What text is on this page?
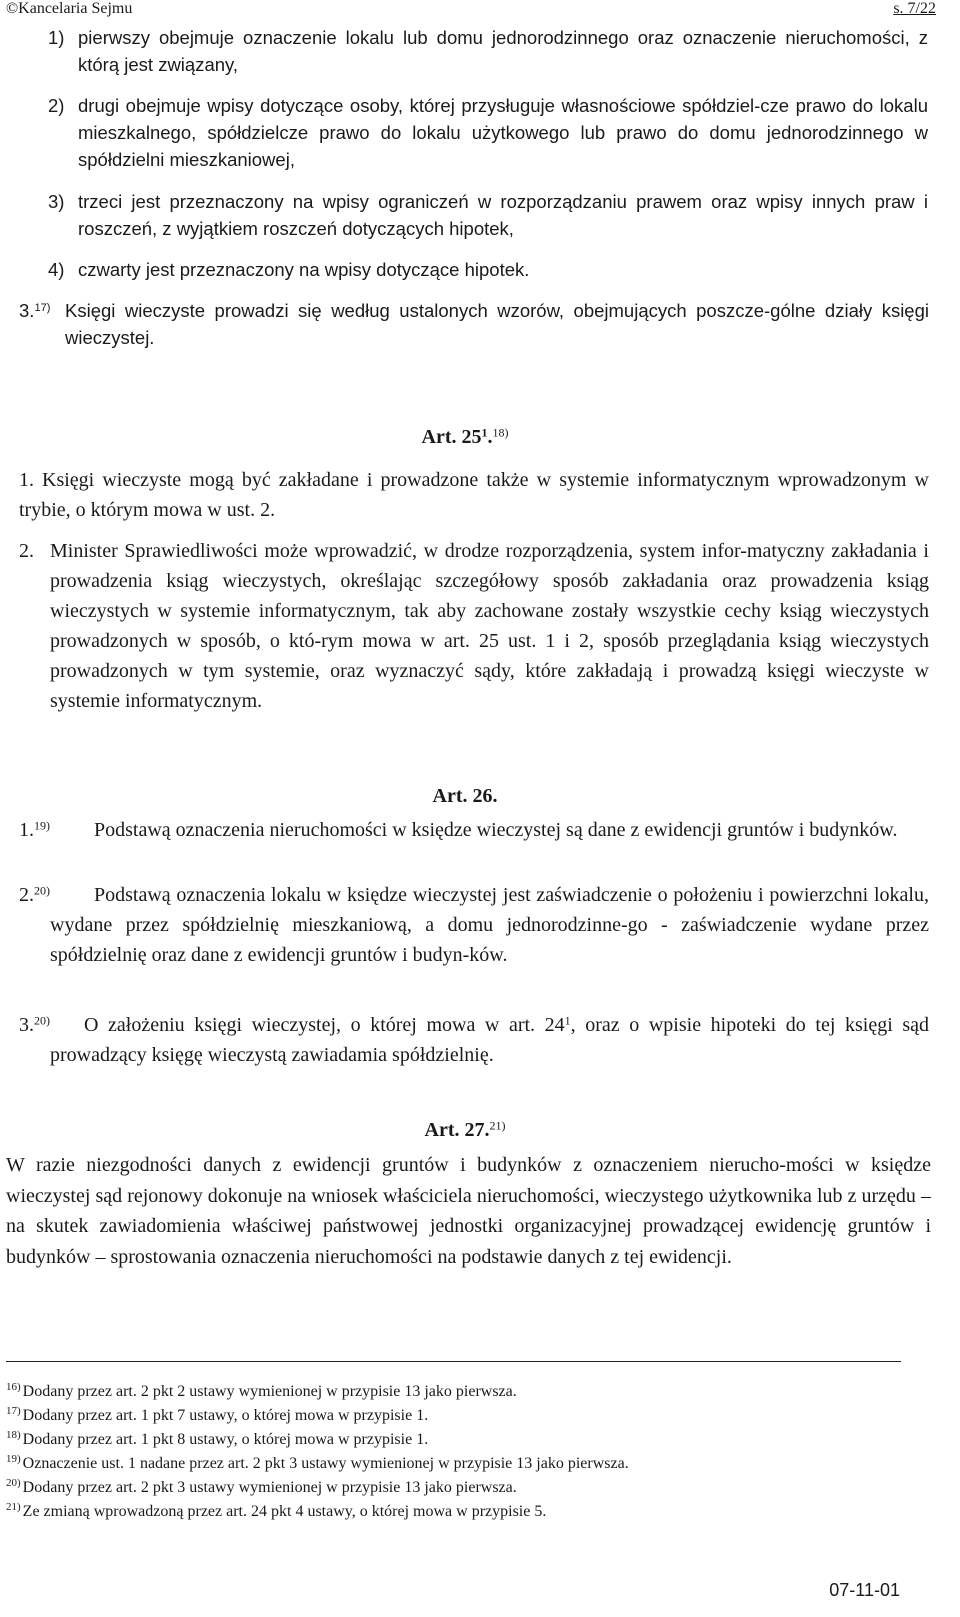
©Kancelaria Sejmu	s. 7/22
1) pierwszy obejmuje oznaczenie lokalu lub domu jednorodzinnego oraz oznaczenie nieruchomości, z którą jest związany,
2) drugi obejmuje wpisy dotyczące osoby, której przysługuje własnościowe spółdziel-cze prawo do lokalu mieszkalnego, spółdzielcze prawo do lokalu użytkowego lub prawo do domu jednorodzinnego w spółdzielni mieszkaniowej,
3) trzeci jest przeznaczony na wpisy ograniczeń w rozporządzaniu prawem oraz wpisy innych praw i roszczeń, z wyjątkiem roszczeń dotyczących hipotek,
4) czwarty jest przeznaczony na wpisy dotyczące hipotek.
3.$^{17)}$ Księgi wieczyste prowadzi się według ustalonych wzorów, obejmujących poszcze-gólne działy księgi wieczystej.
Art. $25^1.^{18)}$
1. Księgi wieczyste mogą być zakładane i prowadzone także w systemie informatycznym wprowadzonym w trybie, o którym mowa w ust. 2.
2. Minister Sprawiedliwości może wprowadzić, w drodze rozporządzenia, system infor-matyczny zakładania i prowadzenia ksiąg wieczystych, określając szczegółowy sposób zakładania oraz prowadzenia ksiąg wieczystych w systemie informatycznym, tak aby zachowane zostały wszystkie cechy ksiąg wieczystych prowadzonych w sposób, o któ-rym mowa w art. 25 ust. 1 i 2, sposób przeglądania ksiąg wieczystych prowadzonych w tym systemie, oraz wyznaczyć sądy, które zakładają i prowadzą księgi wieczyste w systemie informatycznym.
Art. 26.
1.$^{19)}$	Podstawą oznaczenia nieruchomości w księdze wieczystej są dane z ewidencji gruntów i budynków.
2.$^{20)}$	Podstawą oznaczenia lokalu w księdze wieczystej jest zaświadczenie o położeniu i powierzchni lokalu, wydane przez spółdzielnię mieszkaniową, a domu jednorodzinne-go - zaświadczenie wydane przez spółdzielnię oraz dane z ewidencji gruntów i budyn-ków.
3.$^{20)}$	O założeniu księgi wieczystej, o której mowa w art. $24^1$, oraz o wpisie hipoteki do tej księgi sąd prowadzący księgę wieczystą zawiadamia spółdzielnię.
Art. 27.$^{21)}$
W razie niezgodności danych z ewidencji gruntów i budynków z oznaczeniem nierucho-mości w księdze wieczystej sąd rejonowy dokonuje na wniosek właściciela nieruchomości, wieczystego użytkownika lub z urzędu – na skutek zawiadomienia właściwej państwowej jednostki organizacyjnej prowadzącej ewidencję gruntów i budynków – sprostowania oznaczenia nieruchomości na podstawie danych z tej ewidencji.
$^{16)}$ Dodany przez art. 2 pkt 2 ustawy wymienionej w przypisie 13 jako pierwsza.
$^{17)}$ Dodany przez art. 1 pkt 7 ustawy, o której mowa w przypisie 1.
$^{18)}$ Dodany przez art. 1 pkt 8 ustawy, o której mowa w przypisie 1.
$^{19)}$ Oznaczenie ust. 1 nadane przez art. 2 pkt 3 ustawy wymienionej w przypisie 13 jako pierwsza.
$^{20)}$ Dodany przez art. 2 pkt 3 ustawy wymienionej w przypisie 13 jako pierwsza.
$^{21)}$ Ze zmianą wprowadzoną przez art. 24 pkt 4 ustawy, o której mowa w przypisie 5.
07-11-01
